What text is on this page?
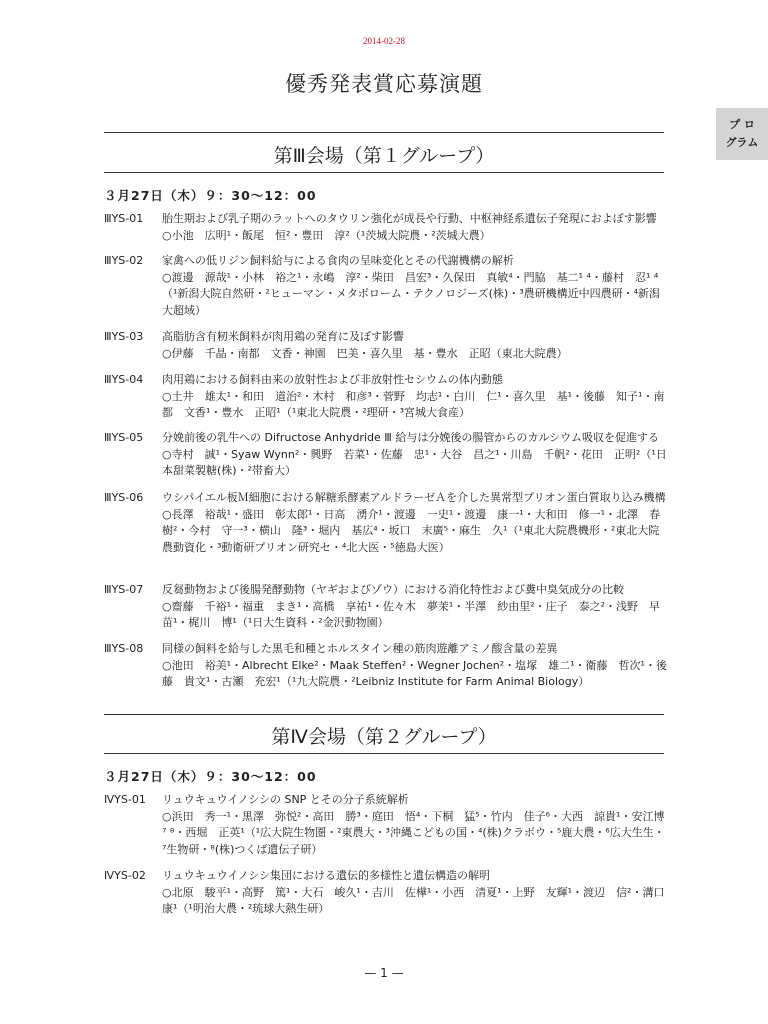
2014-02-28
優秀発表賞応募演題
プ ロ
グラム
第Ⅲ会場（第１グループ）
３月27日（木）９：30～12：00
ⅢYS-01	胎生期および乳子期のラットへのタウリン強化が成長や行動、中枢神経系遺伝子発現におよぼす影響
○小池　広明¹・飯尾　恒²・豊田　淳²（¹茨城大院農・²茨城大農）
ⅢYS-02	家禽への低リジン飼料給与による食肉の呈味変化とその代謝機構の解析
○渡邊　源哉¹・小林　裕之¹・永嶋　淳²・柴田　昌宏³・久保田　真敏⁴・門脇　基二¹ ⁴・藤村　忍¹ ⁴（¹新潟大院自然研・²ヒューマン・メタボローム・テクノロジーズ(株)・³農研機構近中四農研・⁴新潟大超域）
ⅢYS-03	高脂肪含有籾米飼料が肉用鶏の発育に及ぼす影響
○伊藤　千晶・南都　文香・神園　巴美・喜久里　基・豊水　正昭（東北大院農）
ⅢYS-04	肉用鶏における飼料由来の放射性および非放射性セシウムの体内動態
○土井　雄太¹・和田　道治²・木村　和彦³・菅野　均志¹・白川　仁¹・喜久里　基¹・後藤　知子¹・南都　文香¹・豊水　正昭¹（¹東北大院農・²理研・³宮城大食産）
ⅢYS-05	分娩前後の乳牛への Difructose Anhydride Ⅲ 給与は分娩後の腸管からのカルシウム吸収を促進する
○寺村　誠¹・Syaw Wynn²・興野　若菜¹・佐藤　忠¹・大谷　昌之¹・川島　千帆²・花田　正明²（¹日本甜菜製糖(株)・²帯畜大）
ⅢYS-06	ウシパイエル板Ｍ細胞における解糖系酵素アルドラーゼＡを介した異常型プリオン蛋白質取り込み機構
○長澤　裕哉¹・盛田　彰太郎¹・日高　湧介¹・渡邊　一史¹・渡邊　康一¹・大和田　修一¹・北澤　春樹²・今村　守一³・横山　隆³・堀内　基広⁴・坂口　末廣⁵・麻生　久¹（¹東北大院農機形・²東北大院農動資化・³動衛研プリオン研究セ・⁴北大医・⁵徳島大医）
ⅢYS-07	反芻動物および後腸発酵動物（ヤギおよびゾウ）における消化特性および糞中臭気成分の比較
○齋藤　千裕¹・福重　まき¹・高橋　享祐¹・佐々木　夢茉¹・半澤　紗由里²・庄子　泰之²・浅野　早苗¹・梶川　博¹（¹日大生資科・²金沢動物園）
ⅢYS-08	同様の飼料を給与した黒毛和種とホルスタイン種の筋肉遊離アミノ酸含量の差異
○池田　裕美¹・Albrecht Elke²・Maak Steffen²・Wegner Jochen²・塩塚　雄二¹・衛藤　哲次¹・後藤　貴文¹・古瀬　充宏¹（¹九大院農・²Leibniz Institute for Farm Animal Biology）
第Ⅳ会場（第２グループ）
３月27日（木）９：30～12：00
ⅣYS-01	リュウキュウイノシシの SNP とその分子系統解析
○浜田　秀一¹・黒澤　弥悦²・高田　勝³・庭田　悟⁴・下桐　猛⁵・竹内　佳子⁶・大西　諒貴¹・安江博⁷ ⁸・西堀　正英¹（¹広大院生物圏・²東農大・³沖縄こどもの国・⁴(株)クラボウ・⁵鹿大農・⁶広大生生・⁷生物研・⁸(株)つくば遺伝子研）
ⅣYS-02	リュウキュウイノシシ集団における遺伝的多様性と遺伝構造の解明
○北原　駿平¹・高野　篤¹・大石　峻久¹・吉川　佐樺¹・小西　清夏¹・上野　友輝¹・渡辺　信²・溝口康¹（¹明治大農・²琉球大熱生研）
— 1 —
